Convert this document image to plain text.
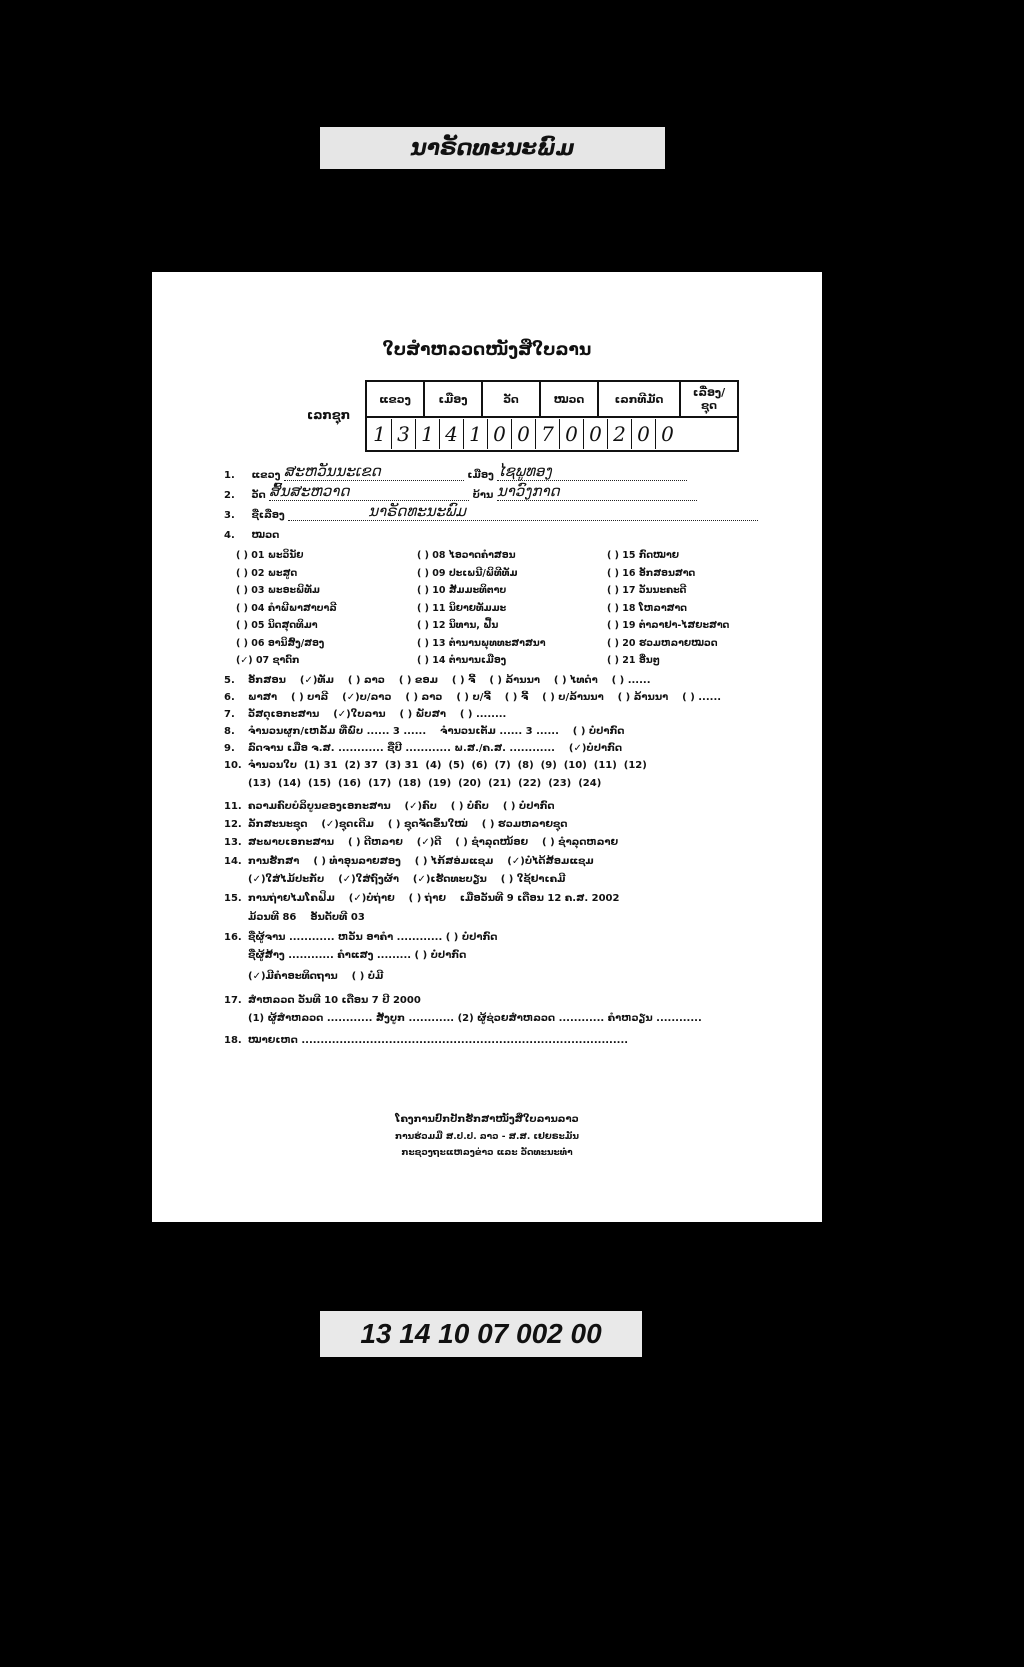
ນາຣັດທະນະພົມ
ໃບສຳຫລວດໜັງສືໃບລານ
ເລກຊຸກ
ແຂວງ	ເມືອງ	ວັດ	ໝວດ	ເລກທີມັດ	ເລື່ອງ/ຊຸດ

1 3 1 4 1 0 0 7 0 0 2 0 0
1. ແຂວງ ສະຫວັນນະເຂດ	ເມືອງ ໄຊພູທອງ
2. ວັດ ສົ້ນສະຫວາດ	ບ້ານ ນາວົງກາດ
3. ຊື່ເລື່ອງ	ນາຣັດທະນະພົມ
4. ໝວດ
( ) 01 ພະວິນັຍ
( ) 02 ພະສູດ
( ) 03 ພະອະພິທັມ
( ) 04 ຄຳພີພາສາບາລີ
( ) 05 ນິດສຸດທິມາ
( ) 06 ອານິສົງ/ສອງ
(✓) 07 ຊາດົກ
( ) 08 ໄອວາດຄຳສອນ
( ) 09 ປະເພນີ/ພິທີທັມ
( ) 10 ສັມມະທິຕາບ
( ) 11 ນິຍາຍທັມມະ
( ) 12 ນິທານ, ຟື້ນ
( ) 13 ຕຳນານພຸທທະສາສນາ
( ) 14 ຕຳນານເມືອງ
( ) 15 ກົດໝາຍ
( ) 16 ອັກສອນສາດ
( ) 17 ວັນນະຄະດີ
( ) 18 ໂຫລາສາດ
( ) 19 ຕຳລາຢາ-ໄສຍະສາດ
( ) 20 ຮວມຫລາຍໝວດ
( ) 21 ອື່ນໆ
5. ອັກສອນ    (✓)ທັມ    ( ) ລາວ    ( ) ຂອມ    ( ) ຈີ້    ( ) ລ້ານນາ    ( ) ໄທດຳ    ( ) ......
6. ພາສາ    ( ) ບາລີ    (✓)ບ/ລາວ    ( ) ລາວ    ( ) ບ/ຈີ້    ( ) ຈີ້    ( ) ບ/ລ້ານນາ    ( ) ລ້ານນາ    ( ) ......
7. ວັສດຸເອກະສານ    (✓)ໃບລານ    ( ) ພັບສາ    ( ) ........
8. ຈຳນວນຜູກ/ເຫລັ້ມ ທີ່ພົບ ...... 3 ......    ຈຳນວນເຕັມ ...... 3 ......    ( ) ບໍ່ປາກົດ
9. ລົດຈານ ເມື່ອ ຈ.ສ. ............ ຊື່ປີ ............ ພ.ສ./ຄ.ສ. ............    (✓)ບໍ່ປາກົດ
10. ຈຳນວນໃບ  (1) 31  (2) 37  (3) 31  (4)  (5)  (6)  (7)  (8)  (9)  (10)  (11)  (12)
(13)  (14)  (15)  (16)  (17)  (18)  (19)  (20)  (21)  (22)  (23)  (24)
11. ຄວາມຄົບບໍລິບູນຂອງເອກະສານ    (✓)ຄົບ    ( ) ບໍ່ຄົບ    ( ) ບໍ່ປາກົດ
12. ລັກສະນະຊຸດ    (✓)ຊຸດເດີມ    ( ) ຊຸດຈັດຂຶ້ນໃໝ່    ( ) ຮວມຫລາຍຊຸດ
13. ສະພາບເອກະສານ    ( ) ດີຫລາຍ    (✓)ດີ    ( ) ຊຳລຸດໜ້ອຍ    ( ) ຊຳລຸດຫລາຍ
14. ການຮັກສາ    ( ) ທຳອຸນລາຍສອງ    ( ) ໄກ້ສອ່ມແຊມ    (✓)ບໍ່ໄດ້ສ້ອມແຊມ
(✓)ໃສ່ໄມ້ປະກັບ    (✓)ໃສ່ຖົງຜ້າ    (✓)ເຮັດທະບຽນ    ( ) ໃຊ້ຢາເຄມີ
15. ການຖ່າຍໄມໂຄຟິມ    (✓)ບໍ່ຖ່າຍ    ( ) ຖ່າຍ    ເມື່ອວັນທີ 9 ເດືອນ 12 ຄ.ສ. 2002
ມ້ວນທີ 86    ອັນດັບທີ 03
16. ຊື່ຜູ້ຈານ ............ ຫວັນ ອາຄຳ ............ ( ) ບໍ່ປາກົດ
ຊື່ຜູ້ສ້າງ ............ ຄໍາແສງ ......... ( ) ບໍ່ປາກົດ
(✓)ມີຄຳອະທິດຖານ    ( ) ບໍ່ມີ
17. ສຳຫລວດ ວັນທີ 10 ເດືອນ 7 ປີ 2000
(1) ຜູ້ສຳຫລວດ ............ ສັງບູກ ............ (2) ຜູ້ຊ່ວຍສຳຫລວດ ............ ຄຳຫວຽນ ............
18. ໝາຍເຫດ ......................................................................................
ໂຄງການປົກປັກຮັກສາໜັງສືໃບລານລາວ
ການຮ່ວມມື ສ.ປ.ປ. ລາວ - ສ.ສ. ເຢຍຣະມັນ
ກະຊວງຖະແຫລງຂ່າວ ແລະ ວັດທະນະທຳ
13 14 10 07 002 00
